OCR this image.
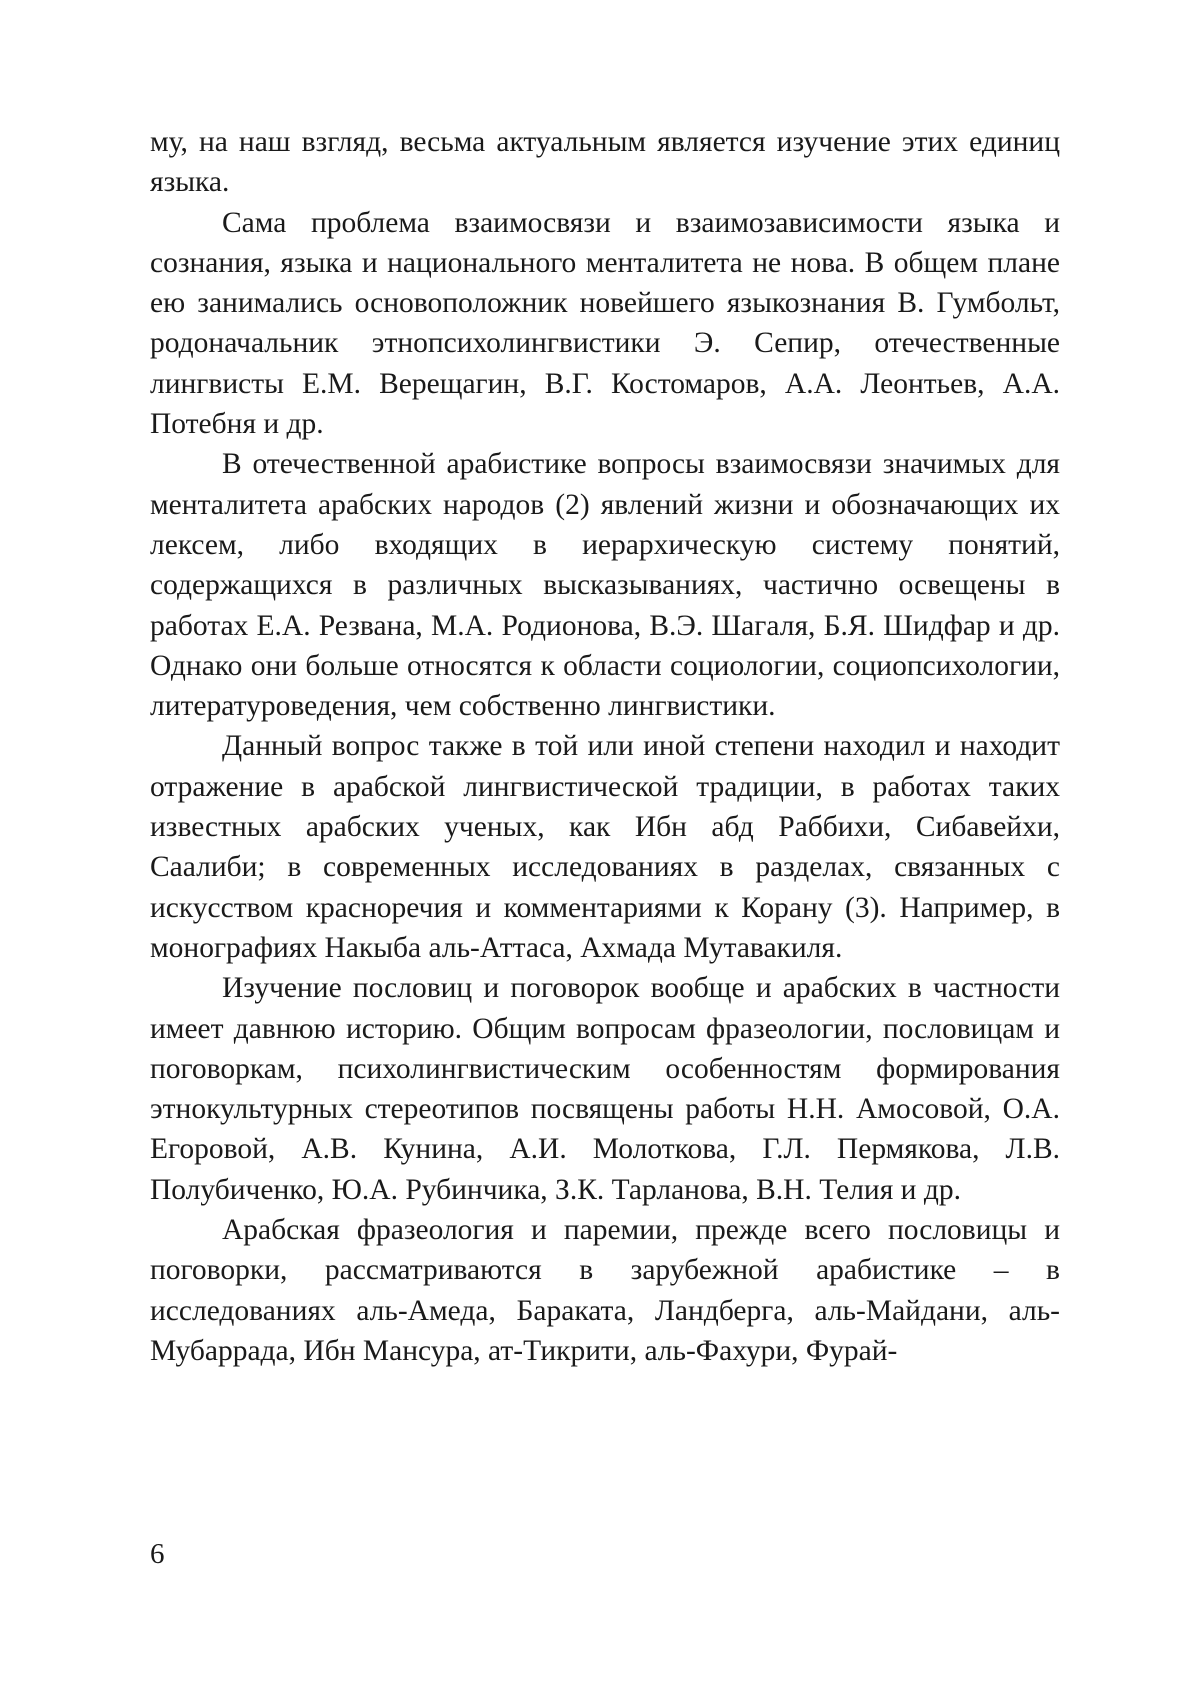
му, на наш взгляд, весьма актуальным является изучение этих единиц языка.

Сама проблема взаимосвязи и взаимозависимости языка и сознания, языка и национального менталитета не нова. В общем плане ею занимались основоположник новейшего языкознания В. Гумбольт, родоначальник этнопсихолингвистики Э. Сепир, отечественные лингвисты Е.М. Верещагин, В.Г. Костомаров, А.А. Леонтьев, А.А. Потебня и др.

В отечественной арабистике вопросы взаимосвязи значимых для менталитета арабских народов (2) явлений жизни и обозначающих их лексем, либо входящих в иерархическую систему понятий, содержащихся в различных высказываниях, частично освещены в работах Е.А. Резвана, М.А. Родионова, В.Э. Шагаля, Б.Я. Шидфар и др. Однако они больше относятся к области социологии, социопсихологии, литературоведения, чем собственно лингвистики.

Данный вопрос также в той или иной степени находил и находит отражение в арабской лингвистической традиции, в работах таких известных арабских ученых, как Ибн абд Раббихи, Сибавейхи, Саалиби; в современных исследованиях в разделах, связанных с искусством красноречия и комментариями к Корану (3). Например, в монографиях Накыба аль-Аттаса, Ахмада Мутавакиля.

Изучение пословиц и поговорок вообще и арабских в частности имеет давнюю историю. Общим вопросам фразеологии, пословицам и поговоркам, психолингвистическим особенностям формирования этнокультурных стереотипов посвящены работы Н.Н. Амосовой, О.А. Егоровой, А.В. Кунина, А.И. Молоткова, Г.Л. Пермякова, Л.В. Полубиченко, Ю.А. Рубинчика, З.К. Тарланова, В.Н. Телия и др.

Арабская фразеология и паремии, прежде всего пословицы и поговорки, рассматриваются в зарубежной арабистике – в исследованиях аль-Амеда, Бараката, Ландберга, аль-Майдани, аль-Мубаррада, Ибн Мансура, ат-Тикрити, аль-Фахури, Фурай-

6
